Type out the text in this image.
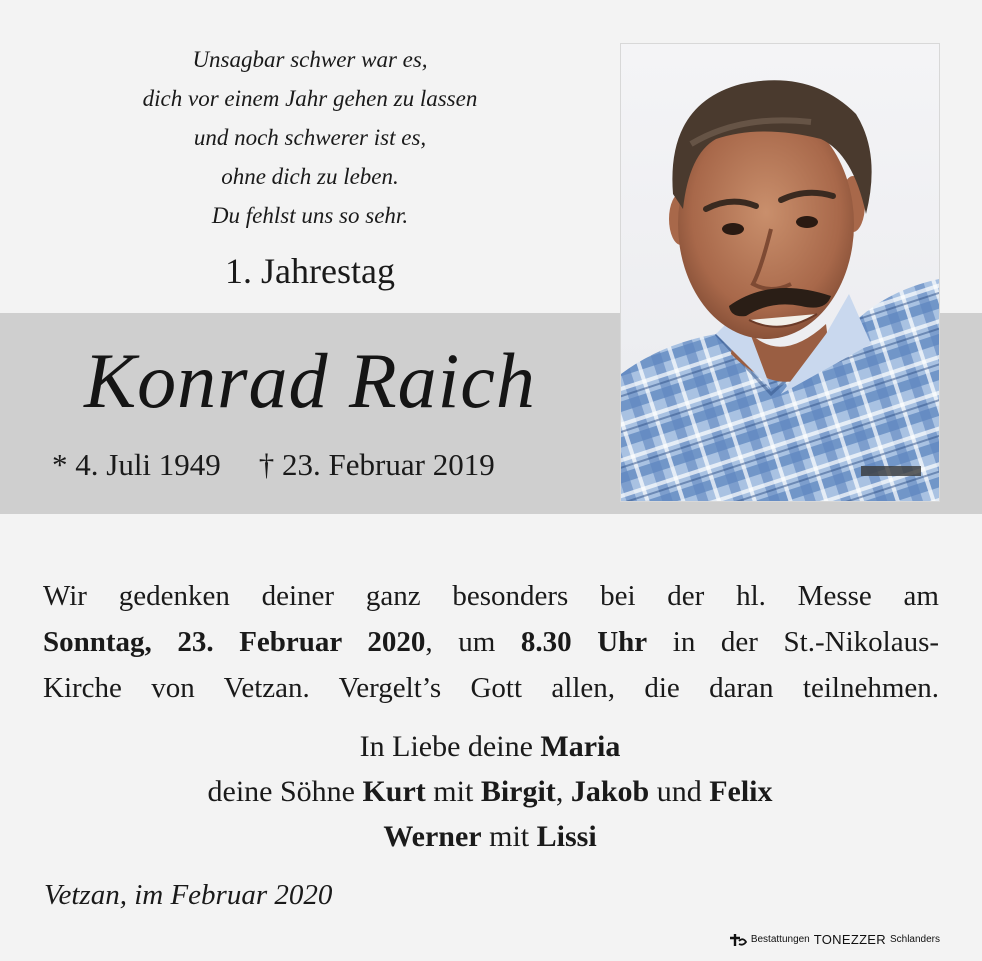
Unsagbar schwer war es,
dich vor einem Jahr gehen zu lassen
und noch schwerer ist es,
ohne dich zu leben.
Du fehlst uns so sehr.
1. Jahrestag
Konrad Raich
* 4. Juli 1949 † 23. Februar 2019
Wir gedenken deiner ganz besonders bei der hl. Messe am
Sonntag, 23. Februar 2020, um 8.30 Uhr in der St.-Nikolaus-
Kirche von Vetzan. Vergelt’s Gott allen, die daran teilnehmen.
In Liebe deine Maria
deine Söhne Kurt mit Birgit, Jakob und Felix
Werner mit Lissi
Vetzan, im Februar 2020
Bestattungen TONEZZER Schlanders
